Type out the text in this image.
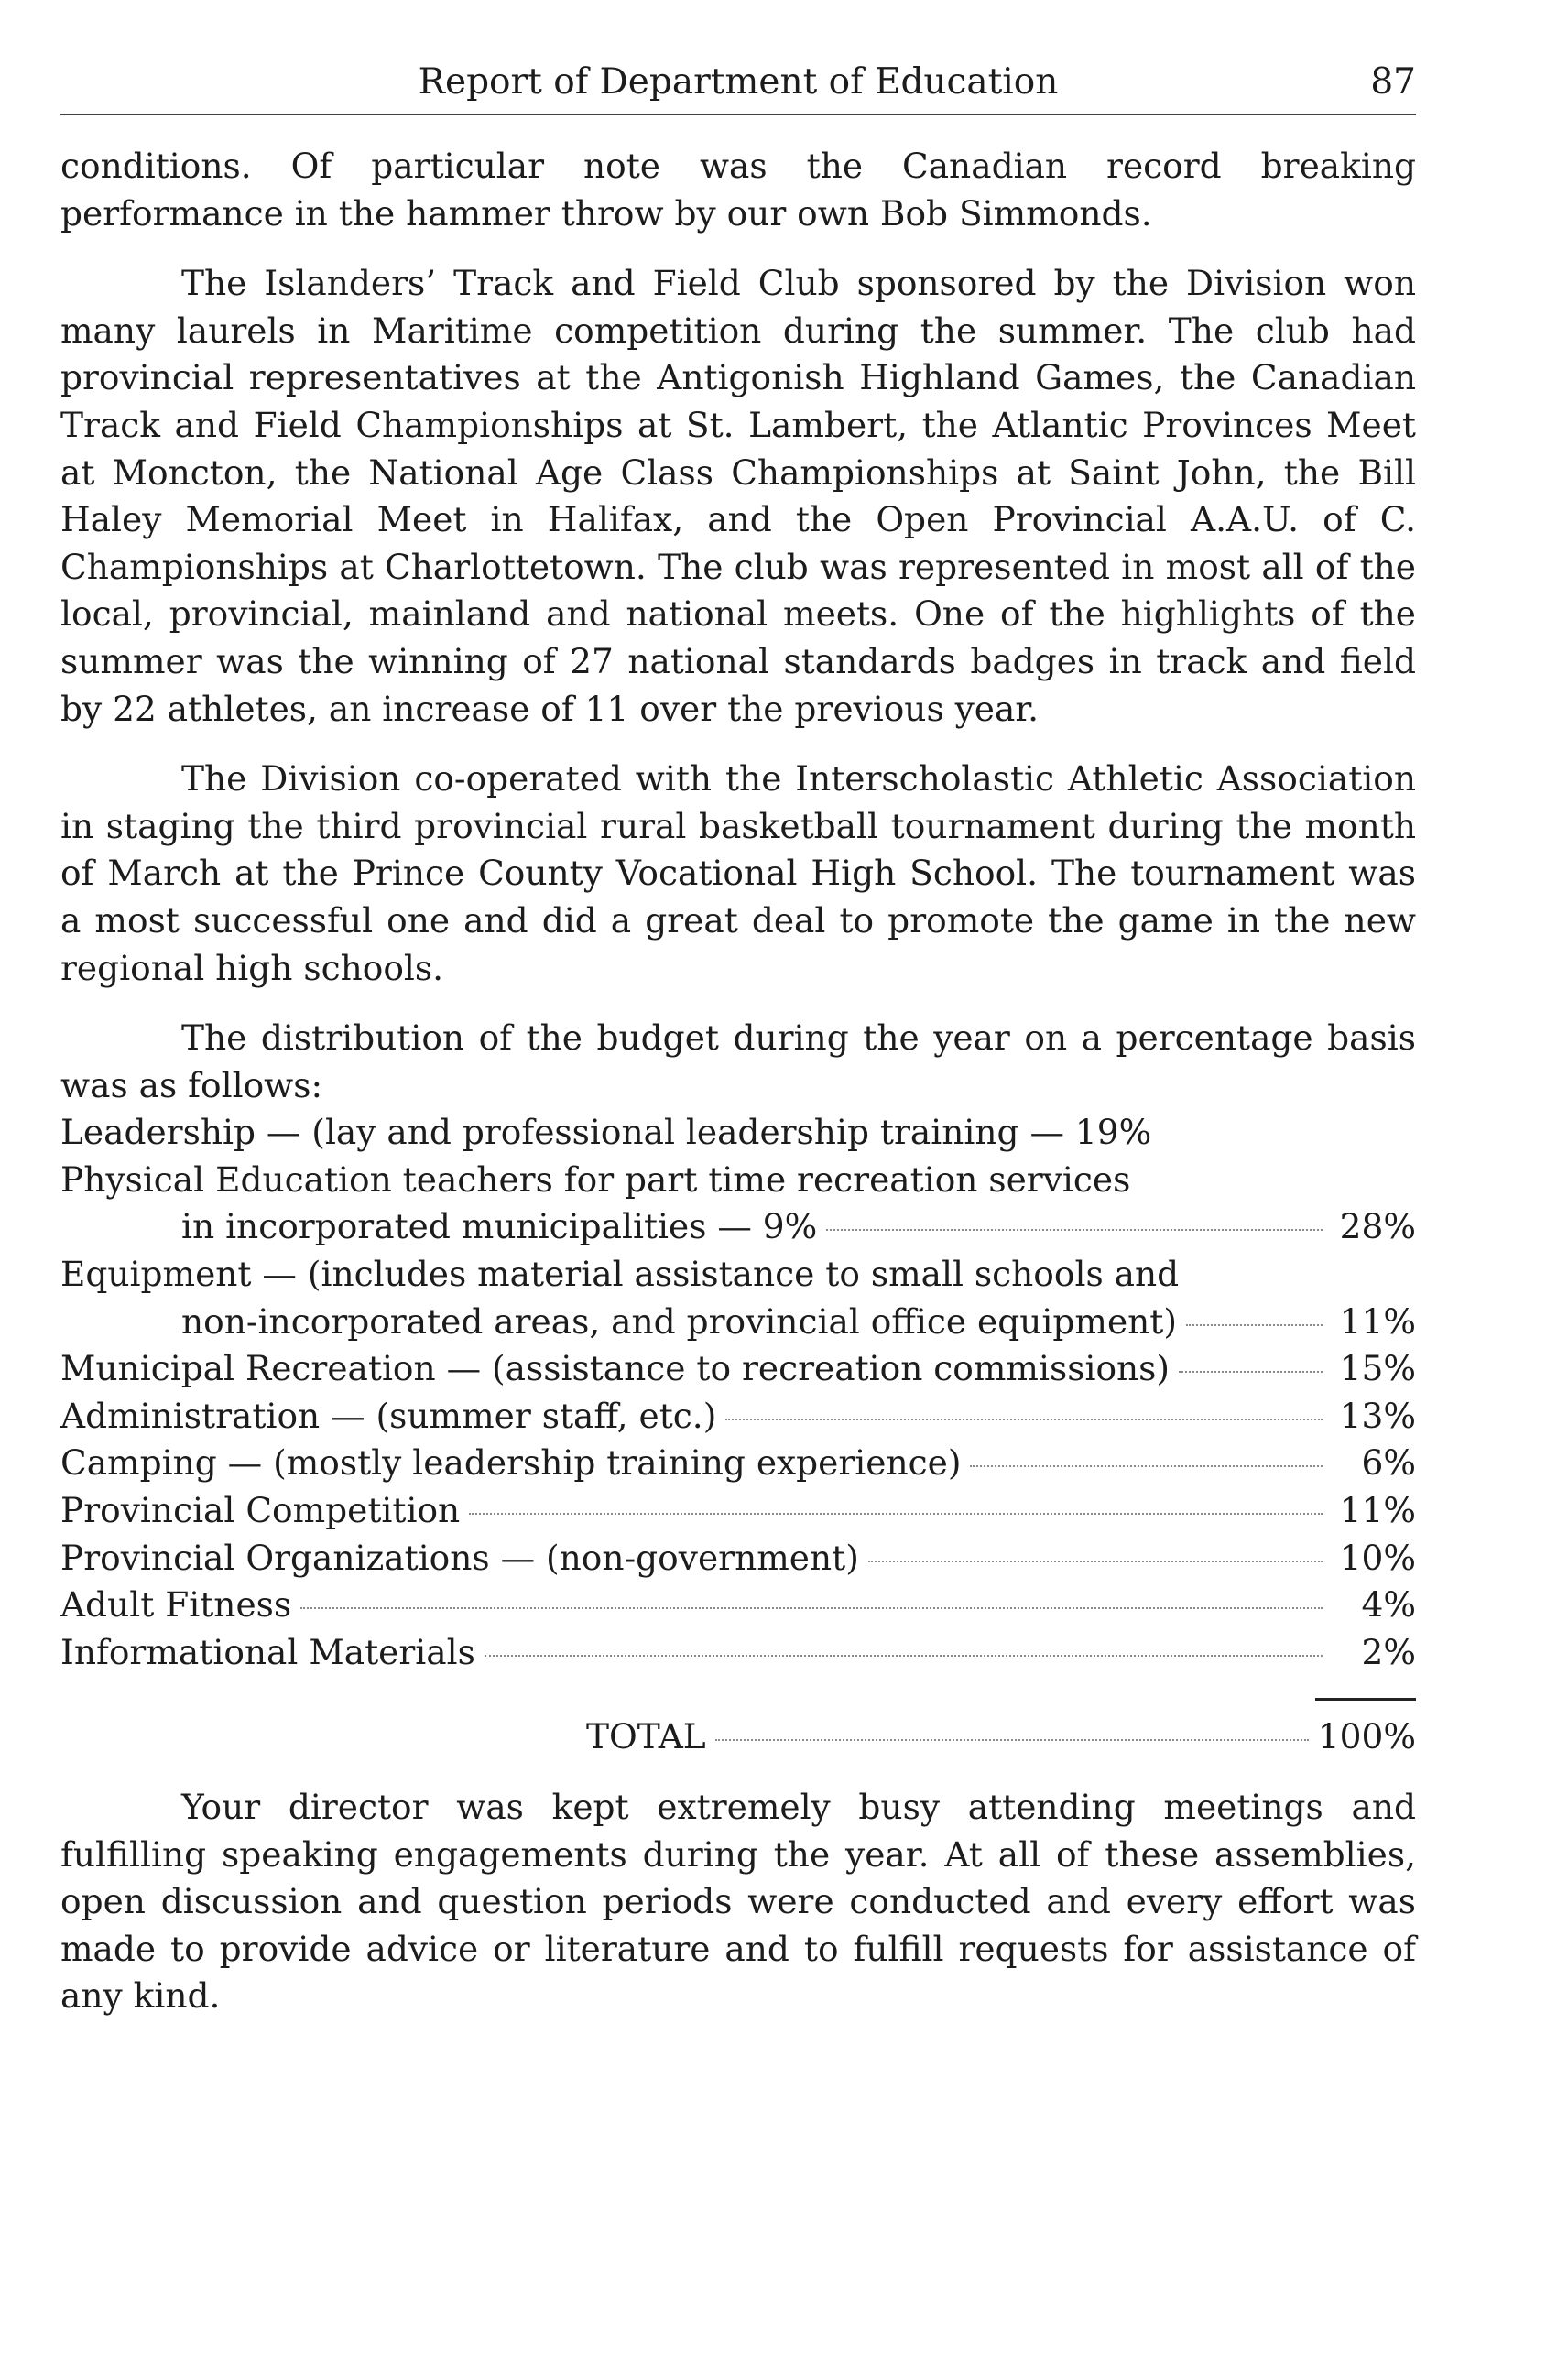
Report of Department of Education	87

conditions. Of particular note was the Canadian record breaking performance in the hammer throw by our own Bob Simmonds.

The Islanders’ Track and Field Club sponsored by the Division won many laurels in Maritime competition during the summer. The club had provincial representatives at the Antigonish Highland Games, the Canadian Track and Field Championships at St. Lambert, the Atlantic Provinces Meet at Moncton, the National Age Class Championships at Saint John, the Bill Haley Memorial Meet in Halifax, and the Open Provincial A.A.U. of C. Championships at Charlottetown. The club was represented in most all of the local, provincial, mainland and national meets. One of the highlights of the summer was the winning of 27 national standards badges in track and field by 22 athletes, an increase of 11 over the previous year.

The Division co-operated with the Interscholastic Athletic Association in staging the third provincial rural basketball tournament during the month of March at the Prince County Vocational High School. The tournament was a most successful one and did a great deal to promote the game in the new regional high schools.

The distribution of the budget during the year on a percentage basis was as follows:

Leadership — (lay and professional leadership training — 19%
Physical Education teachers for part time recreation services
in incorporated municipalities — 9%	28%
Equipment — (includes material assistance to small schools and
non-incorporated areas, and provincial office equipment)	11%
Municipal Recreation — (assistance to recreation commissions)	15%
Administration — (summer staff, etc.)	13%
Camping — (mostly leadership training experience)	6%
Provincial Competition	11%
Provincial Organizations — (non-government)	10%
Adult Fitness	4%
Informational Materials	2%
TOTAL	100%

Your director was kept extremely busy attending meetings and fulfilling speaking engagements during the year. At all of these assemblies, open discussion and question periods were conducted and every effort was made to provide advice or literature and to fulfill requests for assistance of any kind.
